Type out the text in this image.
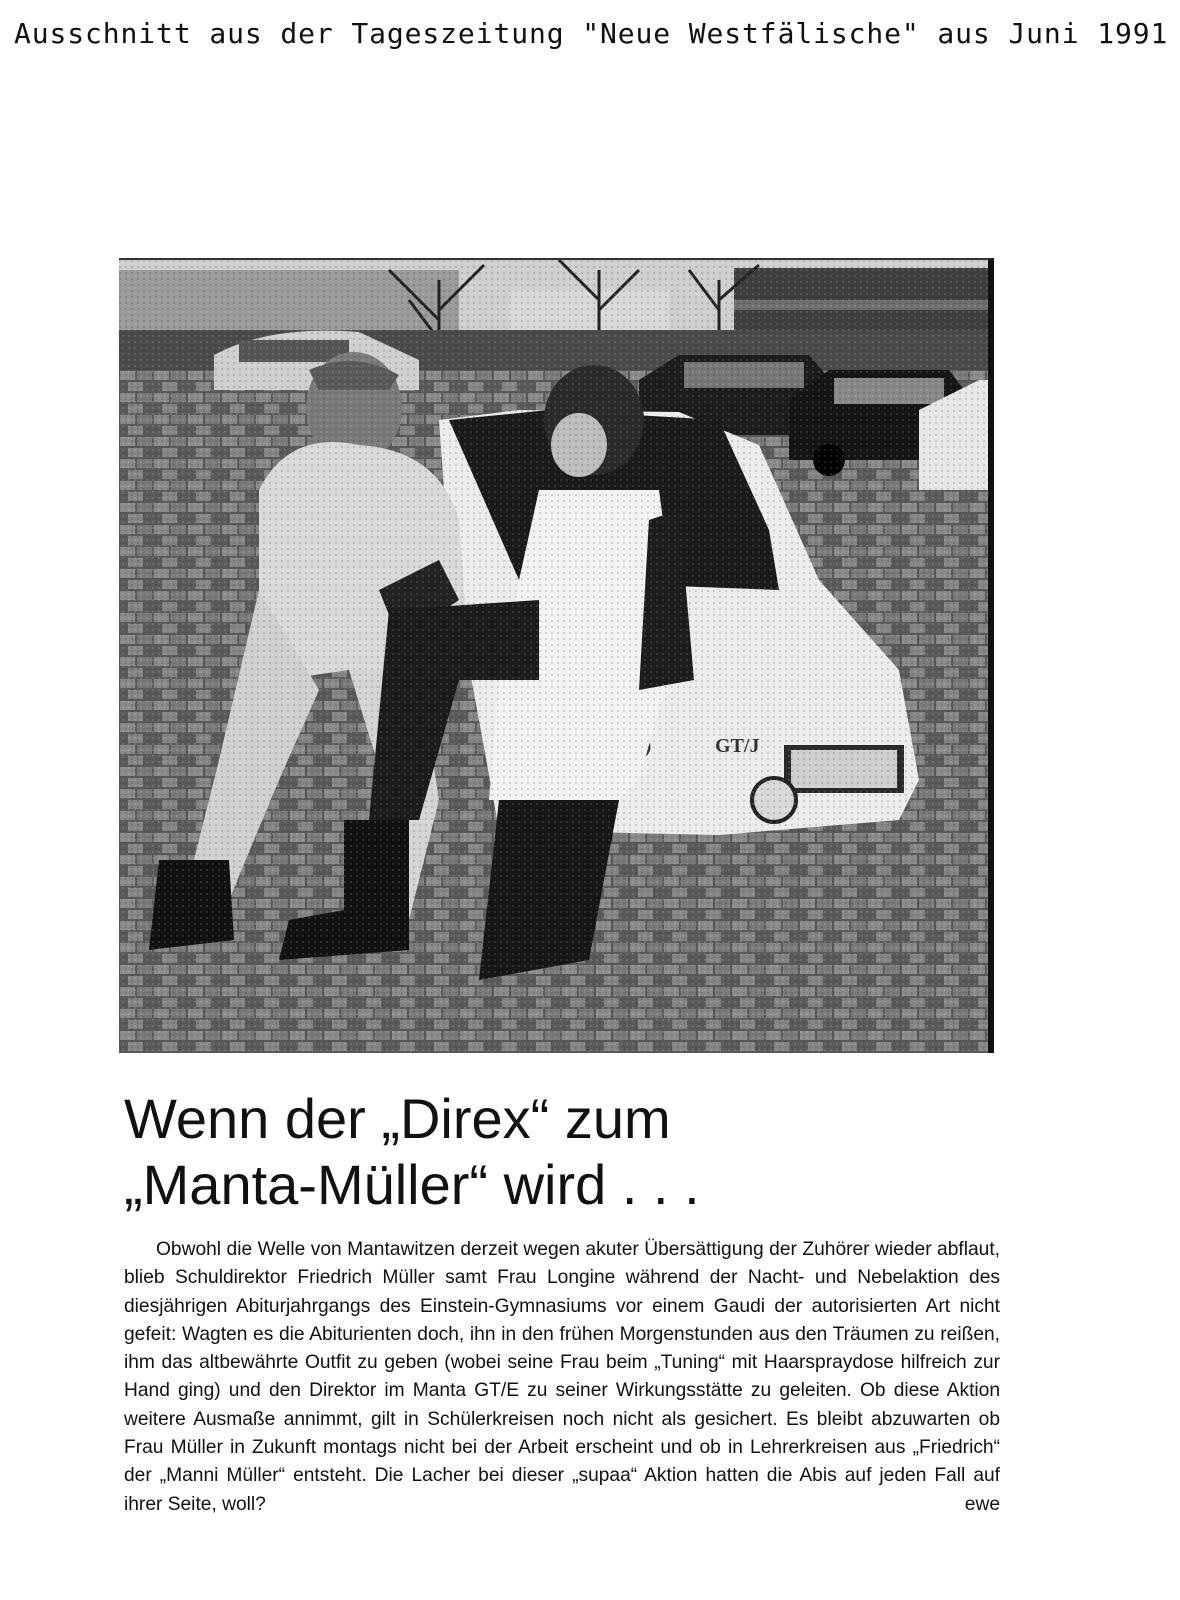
Ausschnitt aus der Tageszeitung "Neue Westfälische" aus Juni 1991
Wenn der „Direx“ zum
„Manta-Müller“ wird . . .

Obwohl die Welle von Mantawitzen derzeit wegen akuter Übersättigung der Zuhörer wieder abflaut, blieb Schuldirektor Friedrich Müller samt Frau Longine während der Nacht- und Nebelaktion des diesjährigen Abiturjahrgangs des Einstein-Gymnasiums vor einem Gaudi der autorisierten Art nicht gefeit: Wagten es die Abiturienten doch, ihn in den frühen Morgenstunden aus den Träumen zu reißen, ihm das altbewährte Outfit zu geben (wobei seine Frau beim „Tuning“ mit Haarspraydose hilfreich zur Hand ging) und den Direktor im Manta GT/E zu seiner Wirkungsstätte zu geleiten. Ob diese Aktion weitere Ausmaße annimmt, gilt in Schülerkreisen noch nicht als gesichert. Es bleibt abzuwarten ob Frau Müller in Zukunft montags nicht bei der Arbeit erscheint und ob in Lehrerkreisen aus „Friedrich“ der „Manni Müller“ entsteht. Die Lacher bei dieser „supaa“ Aktion hatten die Abis auf jeden Fall auf ihrer Seite, woll?	ewe
